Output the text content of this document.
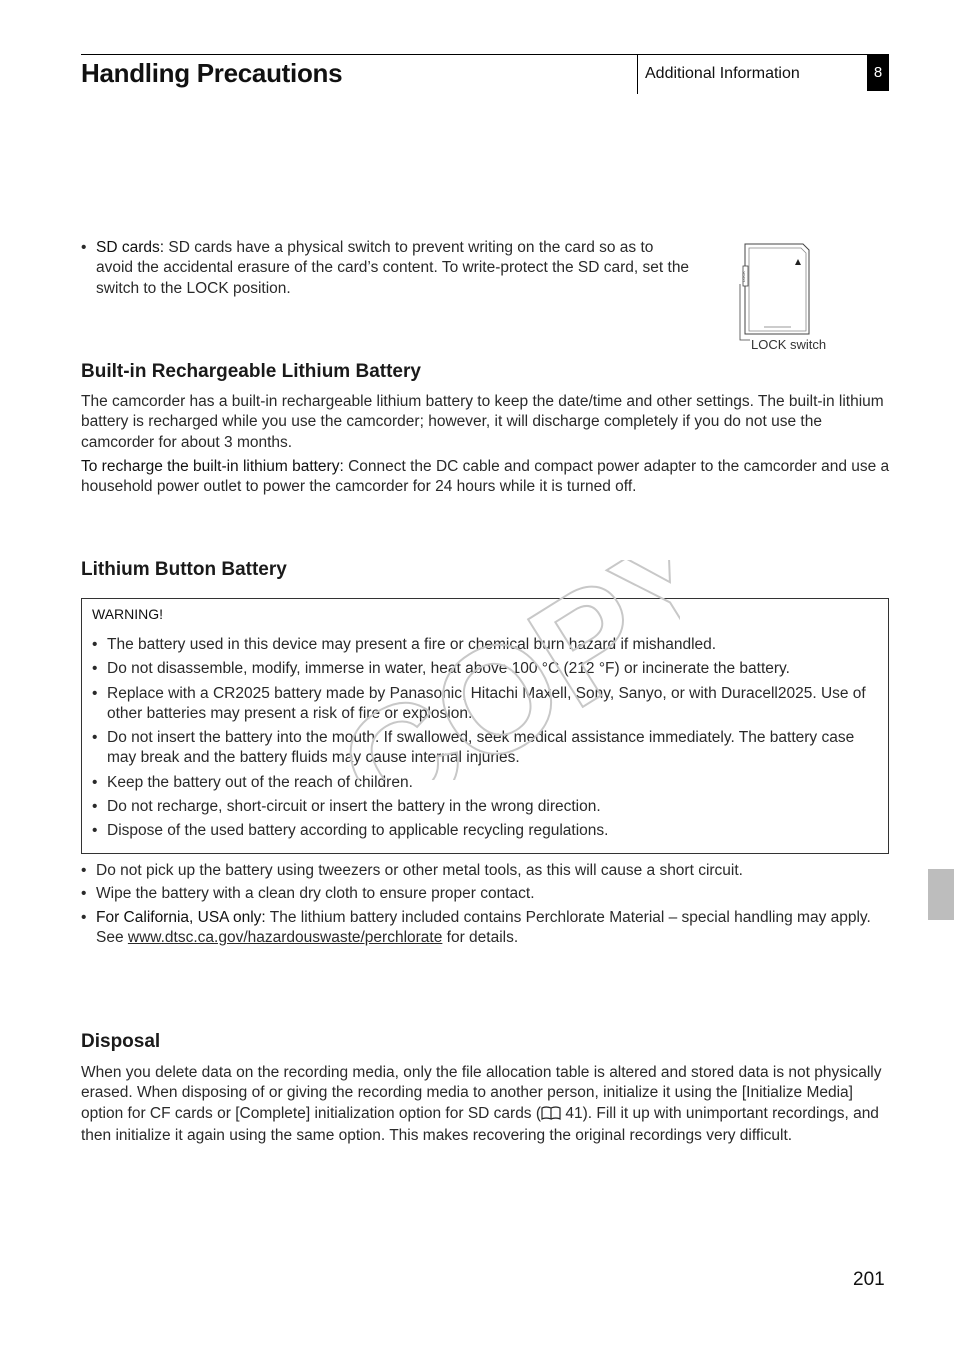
Handling Precautions	Additional Information	8
• SD cards: SD cards have a physical switch to prevent writing on the card so as to avoid the accidental erasure of the card’s content. To write-protect the SD card, set the switch to the LOCK position.
LOCK
LOCK switch
Built-in Rechargeable Lithium Battery
The camcorder has a built-in rechargeable lithium battery to keep the date/time and other settings. The built-in lithium battery is recharged while you use the camcorder; however, it will discharge completely if you do not use the camcorder for about 3 months.
To recharge the built-in lithium battery: Connect the DC cable and compact power adapter to the camcorder and use a household power outlet to power the camcorder for 24 hours while it is turned off.
Lithium Button Battery
WARNING!
• The battery used in this device may present a fire or chemical burn hazard if mishandled.
• Do not disassemble, modify, immerse in water, heat above 100 °C (212 °F) or incinerate the battery.
• Replace with a CR2025 battery made by Panasonic, Hitachi Maxell, Sony, Sanyo, or with Duracell2025. Use of other batteries may present a risk of fire or explosion.
• Do not insert the battery into the mouth. If swallowed, seek medical assistance immediately. The battery case may break and the battery fluids may cause internal injuries.
• Keep the battery out of the reach of children.
• Do not recharge, short-circuit or insert the battery in the wrong direction.
• Dispose of the used battery according to applicable recycling regulations.
• Do not pick up the battery using tweezers or other metal tools, as this will cause a short circuit.
• Wipe the battery with a clean dry cloth to ensure proper contact.
• For California, USA only: The lithium battery included contains Perchlorate Material – special handling may apply.
See www.dtsc.ca.gov/hazardouswaste/perchlorate for details.
Disposal
When you delete data on the recording media, only the file allocation table is altered and stored data is not physically erased. When disposing of or giving the recording media to another person, initialize it using the [Initialize Media] option for CF cards or [Complete] initialization option for SD cards ( 41). Fill it up with unimportant recordings, and then initialize it again using the same option. This makes recovering the original recordings very difficult.
COPY
201
